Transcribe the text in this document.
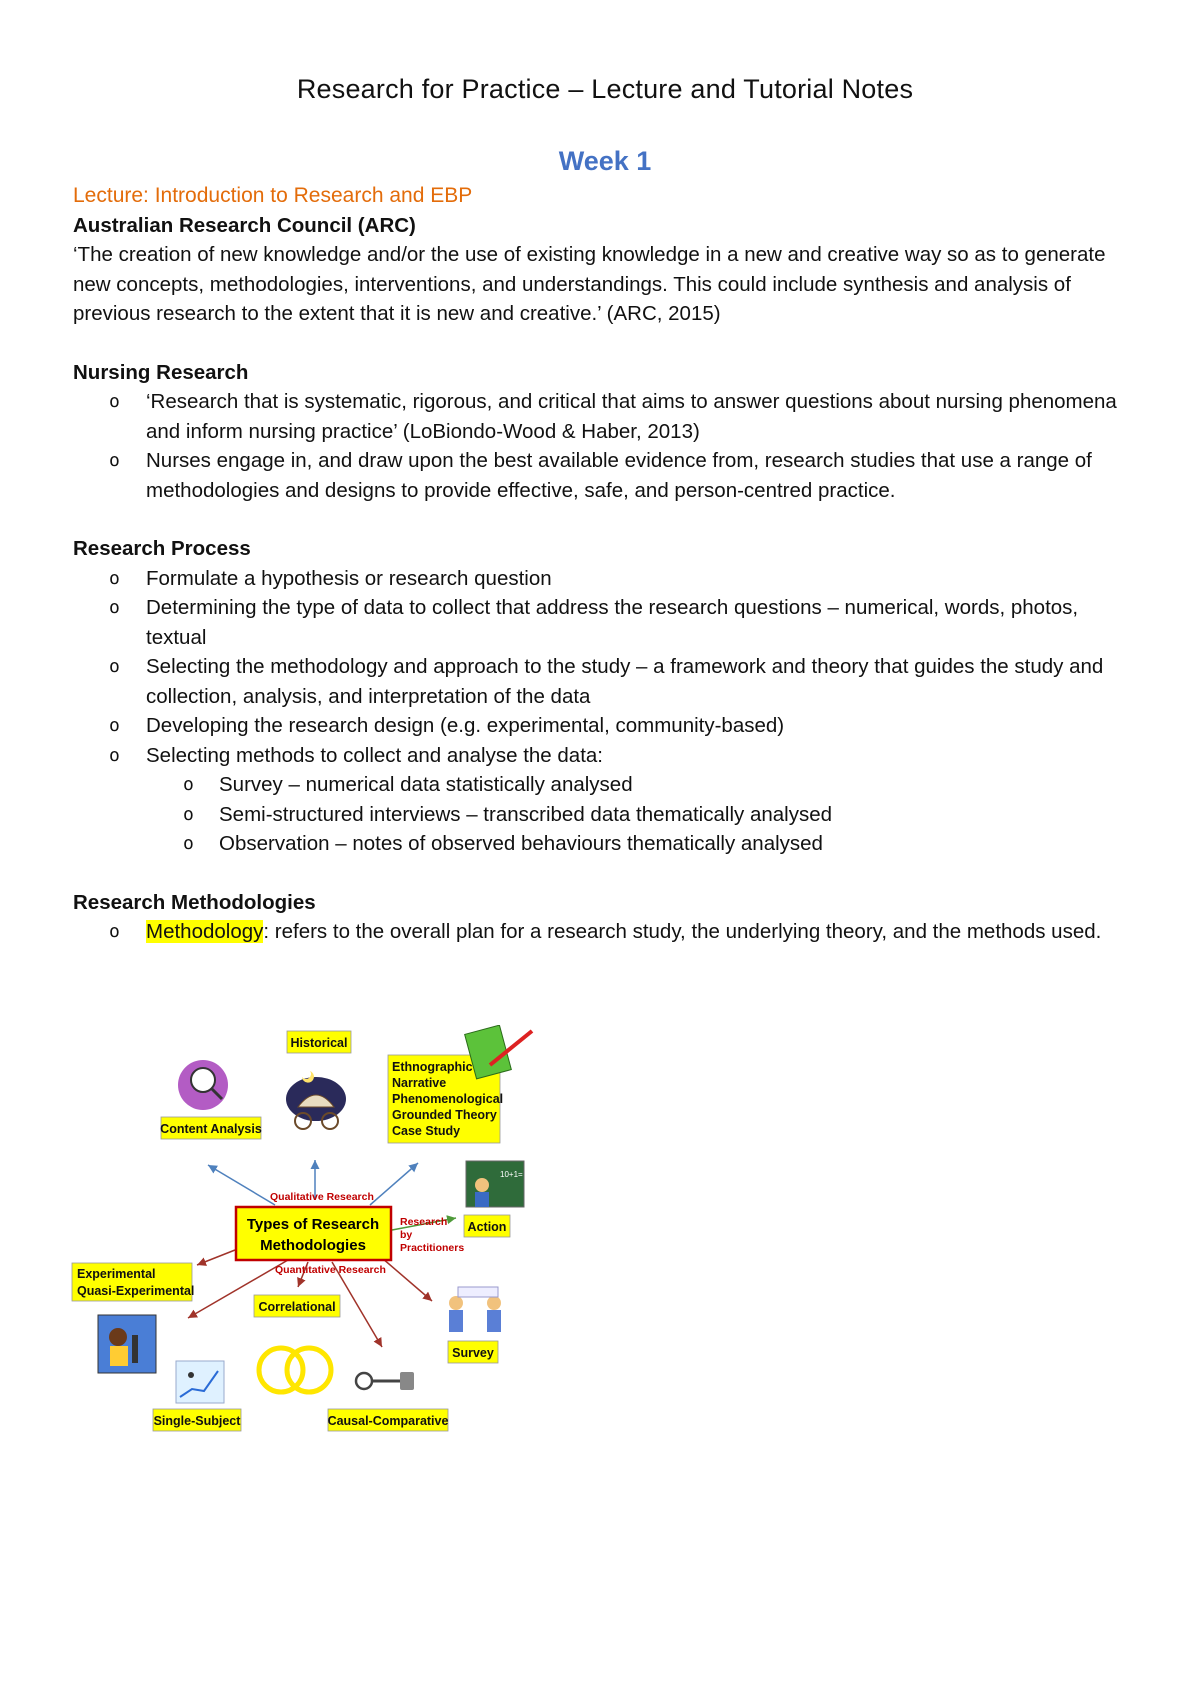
Research for Practice – Lecture and Tutorial Notes
Week 1
Lecture: Introduction to Research and EBP
Australian Research Council (ARC)
‘The creation of new knowledge and/or the use of existing knowledge in a new and creative way so as to generate new concepts, methodologies, interventions, and understandings. This could include synthesis and analysis of previous research to the extent that it is new and creative.’ (ARC, 2015)
Nursing Research
o ‘Research that is systematic, rigorous, and critical that aims to answer questions about nursing phenomena and inform nursing practice’ (LoBiondo-Wood & Haber, 2013)
o Nurses engage in, and draw upon the best available evidence from, research studies that use a range of methodologies and designs to provide effective, safe, and person-centred practice.
Research Process
o Formulate a hypothesis or research question
o Determining the type of data to collect that address the research questions – numerical, words, photos, textual
o Selecting the methodology and approach to the study – a framework and theory that guides the study and collection, analysis, and interpretation of the data
o Developing the research design (e.g. experimental, community-based)
o Selecting methods to collect and analyse the data:
o Survey – numerical data statistically analysed
o Semi-structured interviews – transcribed data thematically analysed
o Observation – notes of observed behaviours thematically analysed
Research Methodologies
o Methodology: refers to the overall plan for a research study, the underlying theory, and the methods used.
Types of Research
Methodologies
Qualitative Research
Quantitative Research
Research
by
Practitioners
Historical
Content Analysis
Ethnographic
Narrative
Phenomenological
Grounded Theory
Case Study
10+1=
Action
Experimental
Quasi-Experimental
Single-Subject
Correlational
Causal-Comparative
Survey
